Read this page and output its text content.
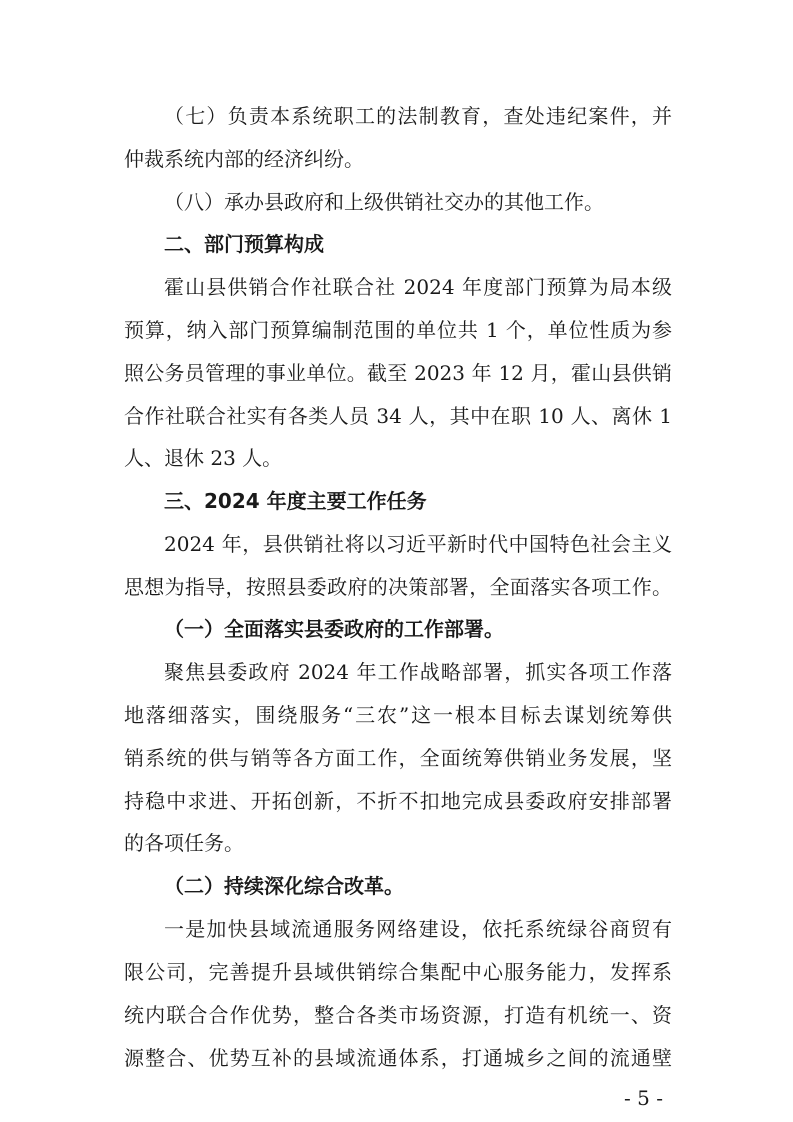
（七）负责本系统职工的法制教育，查处违纪案件，并
仲裁系统内部的经济纠纷。
（八）承办县政府和上级供销社交办的其他工作。
二、部门预算构成
霍山县供销合作社联合社 2024 年度部门预算为局本级
预算，纳入部门预算编制范围的单位共 1 个，单位性质为参
照公务员管理的事业单位。截至 2023 年 12 月，霍山县供销
合作社联合社实有各类人员 34 人，其中在职 10 人、离休 1
人、退休 23 人。
三、2024 年度主要工作任务
2024 年，县供销社将以习近平新时代中国特色社会主义
思想为指导，按照县委政府的决策部署，全面落实各项工作。
（一）全面落实县委政府的工作部署。
聚焦县委政府 2024 年工作战略部署，抓实各项工作落
地落细落实，围绕服务“三农”这一根本目标去谋划统筹供
销系统的供与销等各方面工作，全面统筹供销业务发展，坚
持稳中求进、开拓创新，不折不扣地完成县委政府安排部署
的各项任务。
（二）持续深化综合改革。
一是加快县域流通服务网络建设，依托系统绿谷商贸有
限公司，完善提升县域供销综合集配中心服务能力，发挥系
统内联合合作优势，整合各类市场资源，打造有机统一、资
源整合、优势互补的县域流通体系，打通城乡之间的流通壁
- 5 -
